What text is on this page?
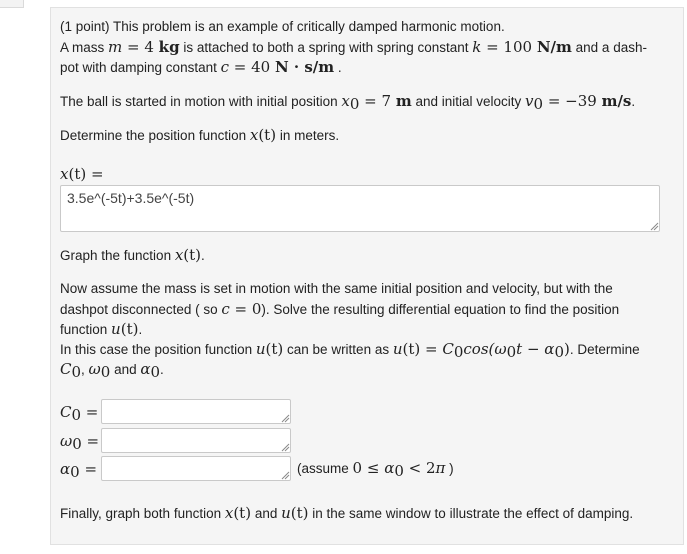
(1 point) This problem is an example of critically damped harmonic motion.
A mass m = 4 kg is attached to both a spring with spring constant k = 100 N/m and a dash-
pot with damping constant c = 40 N · s/m .
The ball is started in motion with initial position $x_0 = 7$ m and initial velocity $v_0 = -39$ m/s.
Determine the position function x(t) in meters.
x(t) =
3.5e^(-5t)+3.5e^(-5t)
Graph the function x(t).
Now assume the mass is set in motion with the same initial position and velocity, but with the
dashpot disconnected ( so c = 0). Solve the resulting differential equation to find the position
function u(t).
In this case the position function u(t) can be written as $u(t) = C_0\cos(\omega_0t - \alpha_0)$. Determine
$C_0$, $\omega_0$ and $\alpha_0$.
$C_0$ =
$\omega_0$ =
$\alpha_0$ =	(assume $0 \le \alpha_0 < 2\pi$ )
Finally, graph both function x(t) and u(t) in the same window to illustrate the effect of damping.
